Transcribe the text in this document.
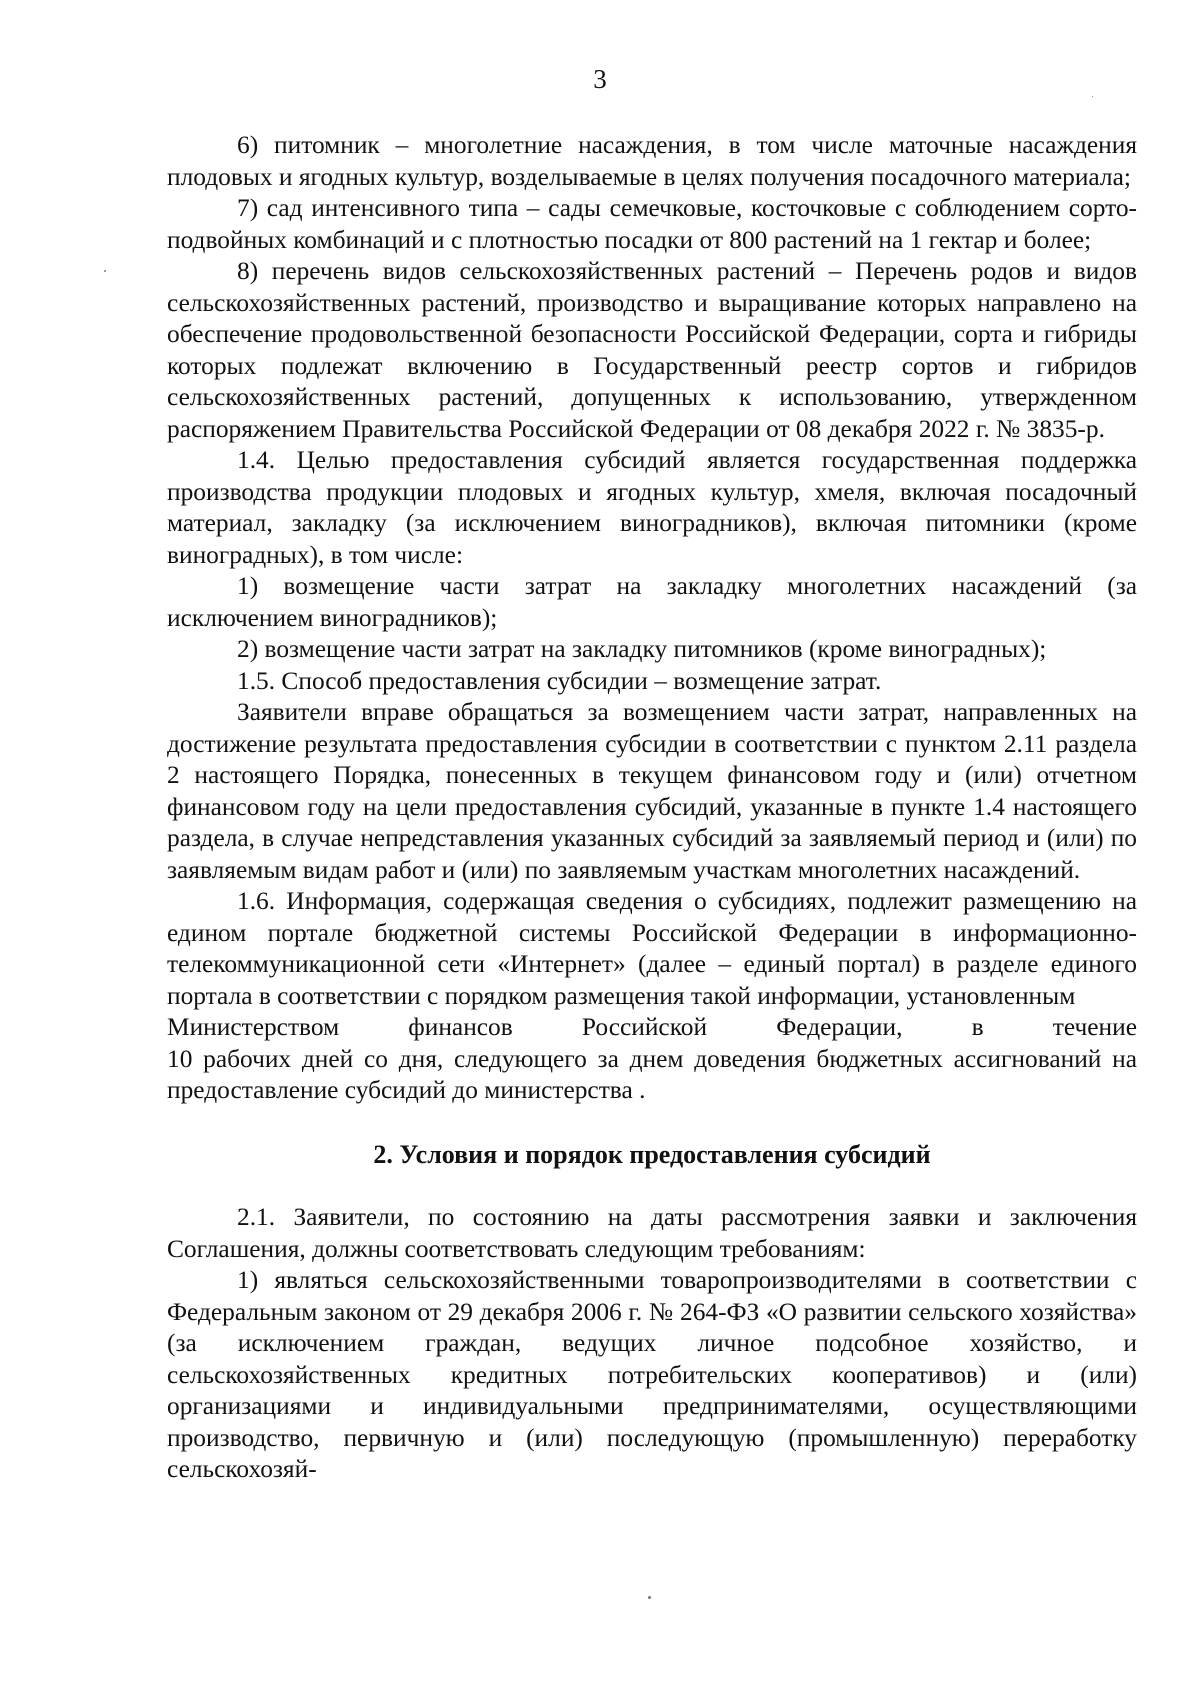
3

6) питомник – многолетние насаждения, в том числе маточные насаждения плодовых и ягодных культур, возделываемые в целях получения посадочного материала;

7) сад интенсивного типа – сады семечковые, косточковые с соблюдением сорто-подвойных комбинаций и с плотностью посадки от 800 растений на 1 гектар и более;

8) перечень видов сельскохозяйственных растений – Перечень родов и видов сельскохозяйственных растений, производство и выращивание которых направлено на обеспечение продовольственной безопасности Российской Федерации, сорта и гибриды которых подлежат включению в Государственный реестр сортов и гибридов сельскохозяйственных растений, допущенных к использованию, утвержденном распоряжением Правительства Российской Федерации от 08 декабря 2022 г. № 3835-р.

1.4. Целью предоставления субсидий является государственная поддержка производства продукции плодовых и ягодных культур, хмеля, включая посадочный материал, закладку (за исключением виноградников), включая питомники (кроме виноградных), в том числе:

1) возмещение части затрат на закладку многолетних насаждений (за исключением виноградников);

2) возмещение части затрат на закладку питомников (кроме виноградных);

1.5. Способ предоставления субсидии – возмещение затрат.

Заявители вправе обращаться за возмещением части затрат, направленных на достижение результата предоставления субсидии в соответствии с пунктом 2.11 раздела 2 настоящего Порядка, понесенных в текущем финансовом году и (или) отчетном финансовом году на цели предоставления субсидий, указанные в пункте 1.4 настоящего раздела, в случае непредставления указанных субсидий за заявляемый период и (или) по заявляемым видам работ и (или) по заявляемым участкам многолетних насаждений.

1.6. Информация, содержащая сведения о субсидиях, подлежит размещению на едином портале бюджетной системы Российской Федерации в информационно-телекоммуникационной сети «Интернет» (далее – единый портал) в разделе единого портала в соответствии с порядком размещения такой информации, установленным

Министерством финансов Российской Федерации, в течение
10 рабочих дней со дня, следующего за днем доведения бюджетных ассигнований на предоставление субсидий до министерства .

2. Условия и порядок предоставления субсидий

2.1. Заявители, по состоянию на даты рассмотрения заявки и заключения Соглашения, должны соответствовать следующим требованиям:

1) являться сельскохозяйственными товаропроизводителями в соответствии с Федеральным законом от 29 декабря 2006 г. № 264-ФЗ «О развитии сельского хозяйства» (за исключением граждан, ведущих личное подсобное хозяйство, и сельскохозяйственных кредитных потребительских кооперативов) и (или) организациями и индивидуальными предпринимателями, осуществляющими производство, первичную и (или) последующую (промышленную) переработку сельскохозяй-
